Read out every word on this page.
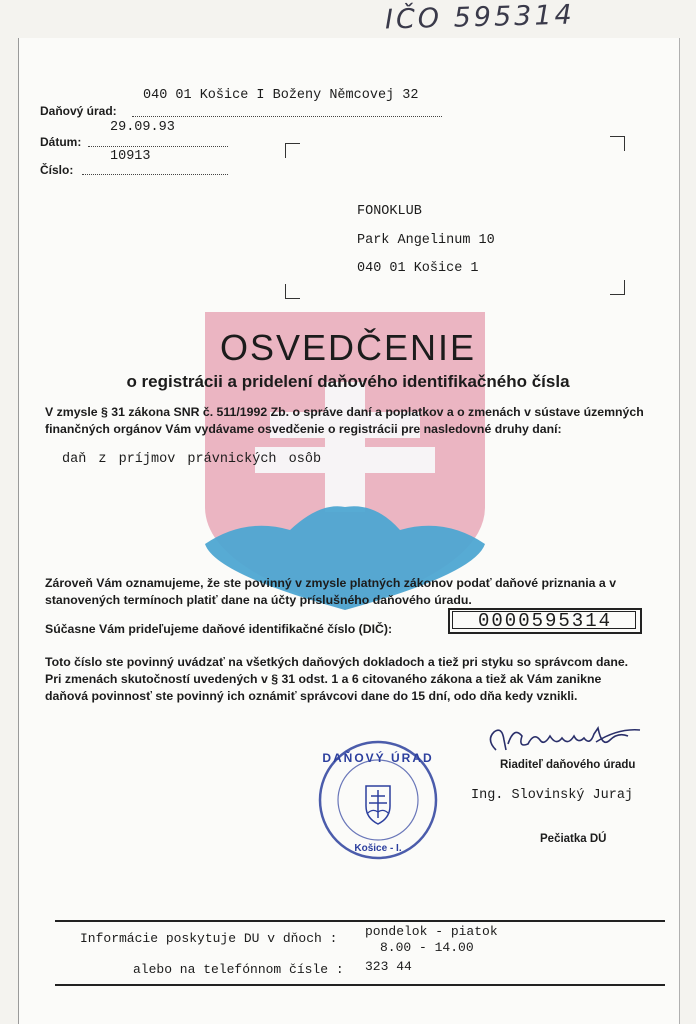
IČO 595314
040 01 Košice I Boženy Němcovej 32
Daňový úrad:
29.09.93
Dátum:
10913
Číslo:
FONOKLUB
Park Angelinum 10
040 01 Košice 1
OSVEDČENIE
o registrácii a pridelení daňového identifikačného čísla
V zmysle § 31 zákona SNR č. 511/1992 Zb. o správe daní a poplatkov a o zmenách v sústave územných finančných orgánov Vám vydávame osvedčenie o registrácii pre nasledovné druhy daní:
daň z príjmov právnických osôb
Zároveň Vám oznamujeme, že ste povinný v zmysle platných zákonov podať daňové priznania a v stanovených termínoch platiť dane na účty príslušného daňového úradu.
Súčasne Vám prideľujeme daňové identifikačné číslo (DIČ):	0000595314
Toto číslo ste povinný uvádzať na všetkých daňových dokladoch a tiež pri styku so správcom dane. Pri zmenách skutočností uvedených v § 31 odst. 1 a 6 citovaného zákona a tiež ak Vám zanikne daňová povinnosť ste povinný ich oznámiť správcovi dane do 15 dní, odo dňa kedy vznikli.
Riaditeľ daňového úradu
Ing. Slovinský Juraj
DAŇOVÝ ÚRAD
Košice - I.
Pečiatka DÚ
Informácie poskytuje DU v dňoch : pondelok - piatok
8.00 - 14.00
alebo na telefónnom čísle : 323 44
